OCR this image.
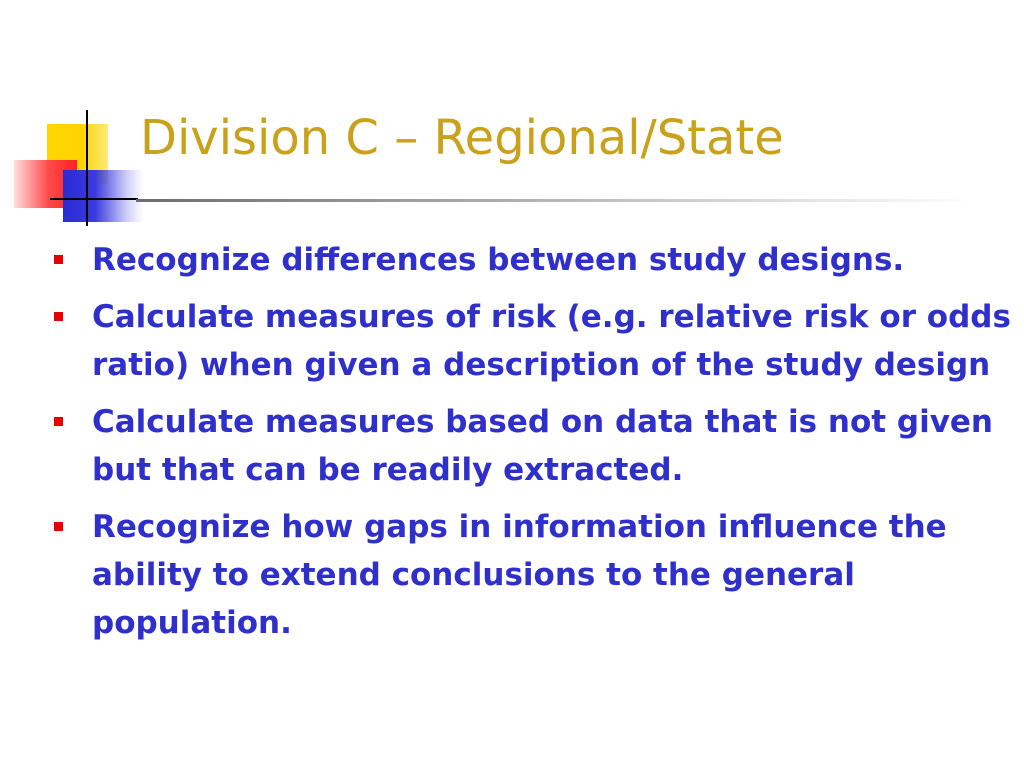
Division C – Regional/State
Recognize differences between study designs.
Calculate measures of risk (e.g. relative risk or odds ratio) when given a description of the study design
Calculate measures based on data that is not given but that can be readily extracted.
Recognize how gaps in information influence the ability to extend conclusions to the general population.
